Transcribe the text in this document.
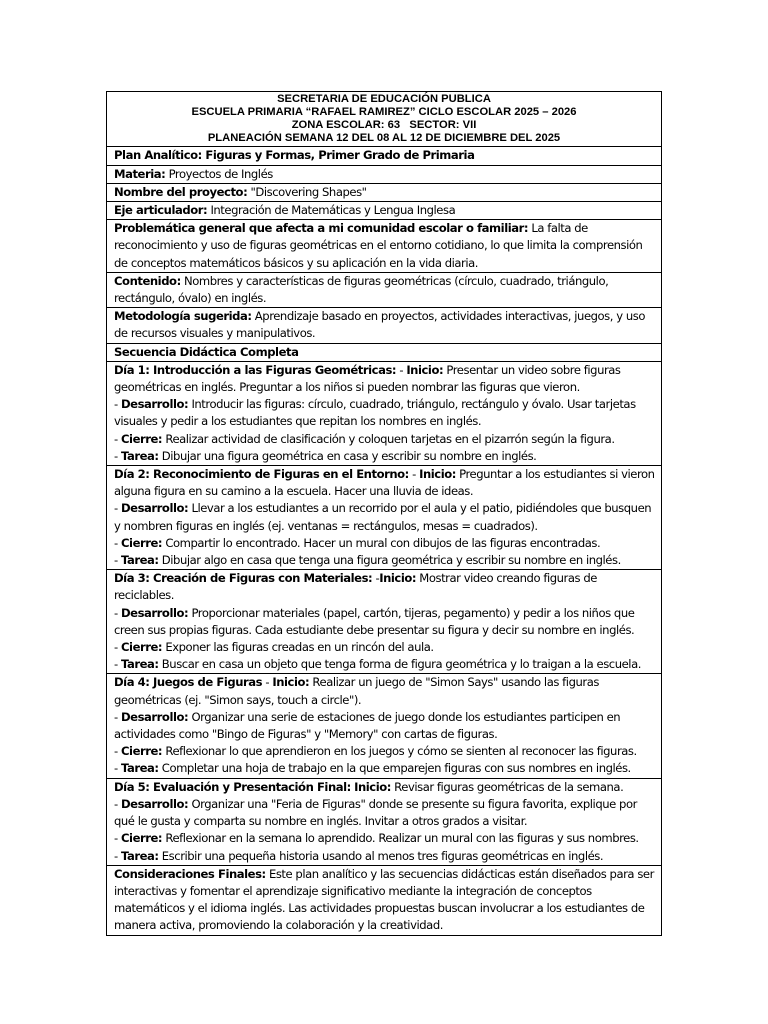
SECRETARIA DE EDUCACIÓN PUBLICA
ESCUELA PRIMARIA “RAFAEL RAMIREZ” CICLO ESCOLAR 2025 – 2026
ZONA ESCOLAR: 63   SECTOR: VII
PLANEACIÓN SEMANA 12 DEL 08 AL 12 DE DICIEMBRE DEL 2025
Plan Analítico: Figuras y Formas, Primer Grado de Primaria
Materia: Proyectos de Inglés
Nombre del proyecto: "Discovering Shapes"
Eje articulador: Integración de Matemáticas y Lengua Inglesa
Problemática general que afecta a mi comunidad escolar o familiar: La falta de reconocimiento y uso de figuras geométricas en el entorno cotidiano, lo que limita la comprensión de conceptos matemáticos básicos y su aplicación en la vida diaria.
Contenido: Nombres y características de figuras geométricas (círculo, cuadrado, triángulo, rectángulo, óvalo) en inglés.
Metodología sugerida: Aprendizaje basado en proyectos, actividades interactivas, juegos, y uso de recursos visuales y manipulativos.
Secuencia Didáctica Completa
Día 1: Introducción a las Figuras Geométricas: - Inicio: Presentar un video sobre figuras geométricas en inglés. Preguntar a los niños si pueden nombrar las figuras que vieron.
- Desarrollo: Introducir las figuras: círculo, cuadrado, triángulo, rectángulo y óvalo. Usar tarjetas visuales y pedir a los estudiantes que repitan los nombres en inglés.
- Cierre: Realizar actividad de clasificación y coloquen tarjetas en el pizarrón según la figura.
- Tarea: Dibujar una figura geométrica en casa y escribir su nombre en inglés.
Día 2: Reconocimiento de Figuras en el Entorno: - Inicio: Preguntar a los estudiantes si vieron alguna figura en su camino a la escuela. Hacer una lluvia de ideas.
- Desarrollo: Llevar a los estudiantes a un recorrido por el aula y el patio, pidiéndoles que busquen y nombren figuras en inglés (ej. ventanas = rectángulos, mesas = cuadrados).
- Cierre: Compartir lo encontrado. Hacer un mural con dibujos de las figuras encontradas.
- Tarea: Dibujar algo en casa que tenga una figura geométrica y escribir su nombre en inglés.
Día 3: Creación de Figuras con Materiales: -Inicio: Mostrar video creando figuras de reciclables.
- Desarrollo: Proporcionar materiales (papel, cartón, tijeras, pegamento) y pedir a los niños que creen sus propias figuras. Cada estudiante debe presentar su figura y decir su nombre en inglés.
- Cierre: Exponer las figuras creadas en un rincón del aula.
- Tarea: Buscar en casa un objeto que tenga forma de figura geométrica y lo traigan a la escuela.
Día 4: Juegos de Figuras - Inicio: Realizar un juego de "Simon Says" usando las figuras geométricas (ej. "Simon says, touch a circle").
- Desarrollo: Organizar una serie de estaciones de juego donde los estudiantes participen en actividades como "Bingo de Figuras" y "Memory" con cartas de figuras.
- Cierre: Reflexionar lo que aprendieron en los juegos y cómo se sienten al reconocer las figuras.
- Tarea: Completar una hoja de trabajo en la que emparejen figuras con sus nombres en inglés.
Día 5: Evaluación y Presentación Final: Inicio: Revisar figuras geométricas de la semana.
- Desarrollo: Organizar una "Feria de Figuras" donde se presente su figura favorita, explique por qué le gusta y comparta su nombre en inglés. Invitar a otros grados a visitar.
- Cierre: Reflexionar en la semana lo aprendido. Realizar un mural con las figuras y sus nombres.
- Tarea: Escribir una pequeña historia usando al menos tres figuras geométricas en inglés.
Consideraciones Finales: Este plan analítico y las secuencias didácticas están diseñados para ser interactivas y fomentar el aprendizaje significativo mediante la integración de conceptos matemáticos y el idioma inglés. Las actividades propuestas buscan involucrar a los estudiantes de manera activa, promoviendo la colaboración y la creatividad.
